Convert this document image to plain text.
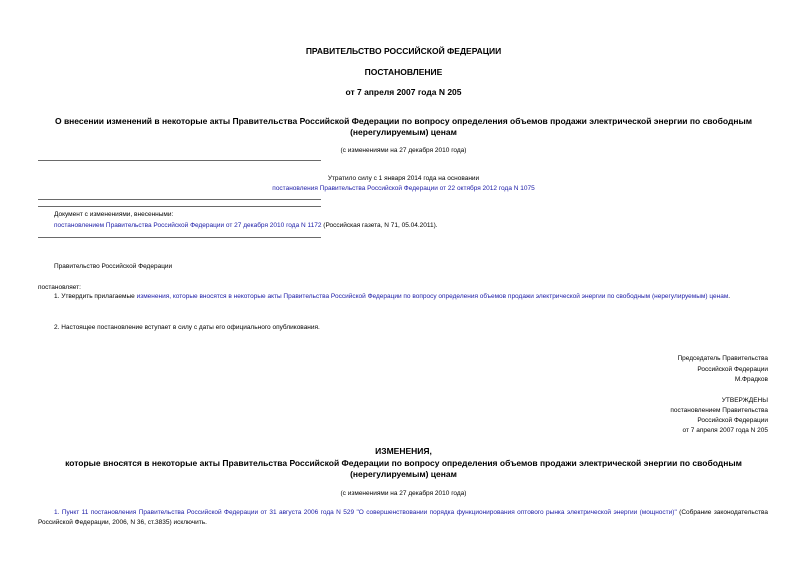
ПРАВИТЕЛЬСТВО РОССИЙСКОЙ ФЕДЕРАЦИИ
ПОСТАНОВЛЕНИЕ
от 7 апреля 2007 года N 205
О внесении изменений в некоторые акты Правительства Российской Федерации по вопросу определения объемов продажи электрической энергии по свободным
(нерегулируемым) ценам
(с изменениями на 27 декабря 2010 года)
Утратило силу с 1 января 2014 года на основании
постановления Правительства Российской Федерации от 22 октября 2012 года N 1075
Документ с изменениями, внесенными:
постановлением Правительства Российской Федерации от 27 декабря 2010 года N 1172 (Российская газета, N 71, 05.04.2011).
Правительство Российской Федерации
постановляет:
1. Утвердить прилагаемые изменения, которые вносятся в некоторые акты Правительства Российской Федерации по вопросу определения объемов продажи электрической энергии по свободным (нерегулируемым) ценам.
2. Настоящее постановление вступает в силу с даты его официального опубликования.
Председатель Правительства
Российской Федерации
М.Фрадков
УТВЕРЖДЕНЫ
постановлением Правительства
Российской Федерации
от 7 апреля 2007 года N 205
ИЗМЕНЕНИЯ,
которые вносятся в некоторые акты Правительства Российской Федерации по вопросу определения объемов продажи электрической энергии по свободным
(нерегулируемым) ценам
(с изменениями на 27 декабря 2010 года)
1. Пункт 11 постановления Правительства Российской Федерации от 31 августа 2006 года N 529 "О совершенствовании порядка функционирования оптового рынка электрической энергии (мощности)" (Собрание законодательства Российской Федерации, 2006, N 36, ст.3835) исключить.
